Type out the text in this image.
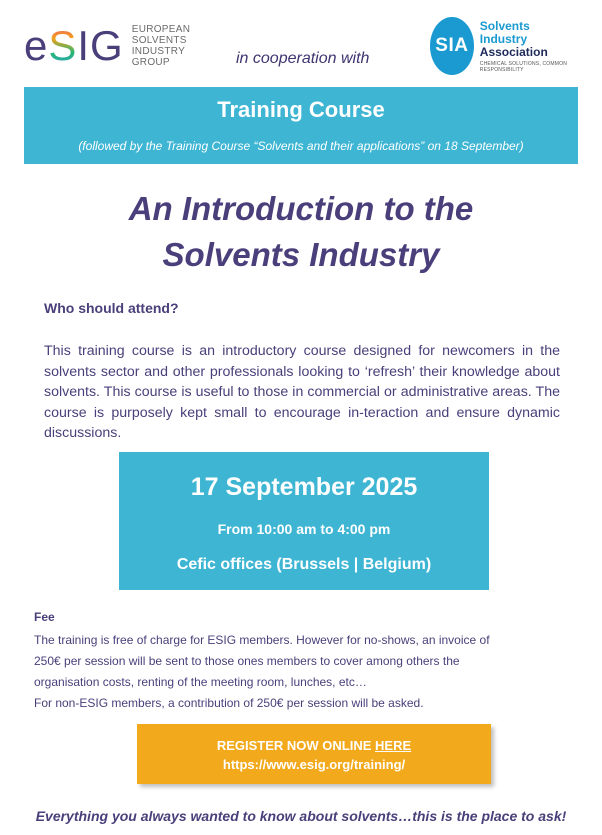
eSIG EUROPEAN
SOLVENTS INDUSTRY
GROUP	in cooperation with
SIA
Solvents
Industry
Association
CHEMICAL SOLUTIONS, COMMON RESPONSIBILITY
Training Course
(followed by the Training Course “Solvents and their applications” on 18 September)
An Introduction to the
Solvents Industry
Who should attend?
This training course is an introductory course designed for newcomers in the solvents sector and other professionals looking to ‘refresh’ their knowledge about solvents. This course is useful to those in commercial or administrative areas. The course is purposely kept small to encourage in-teraction and ensure dynamic discussions.
17 September 2025
From 10:00 am to 4:00 pm
Cefic offices (Brussels | Belgium)
Fee
The training is free of charge for ESIG members. However for no-shows, an invoice of
250€ per session will be sent to those ones members to cover among others the
organisation costs, renting of the meeting room, lunches, etc…
For non-ESIG members, a contribution of 250€ per session will be asked.
REGISTER NOW ONLINE HERE
https://www.esig.org/training/
Everything you always wanted to know about solvents…this is the place to ask!
